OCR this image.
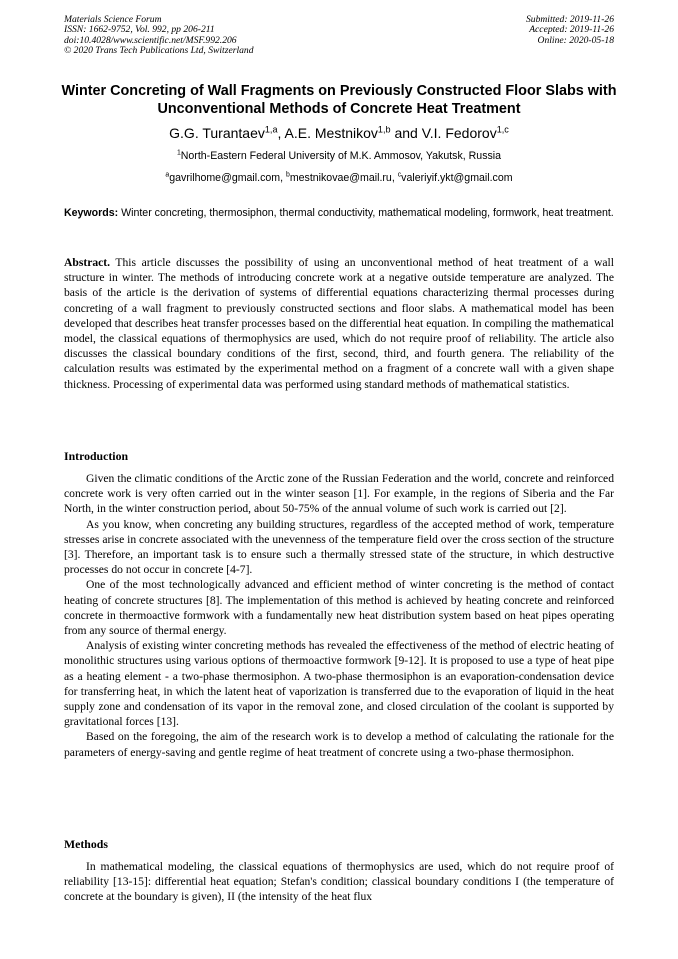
Materials Science Forum
ISSN: 1662-9752, Vol. 992, pp 206-211
doi:10.4028/www.scientific.net/MSF.992.206
© 2020 Trans Tech Publications Ltd, Switzerland
Submitted: 2019-11-26
Accepted: 2019-11-26
Online: 2020-05-18
Winter Concreting of Wall Fragments on Previously Constructed Floor Slabs with Unconventional Methods of Concrete Heat Treatment
G.G. Turantaev$^{1,a}$, A.E. Mestnikov$^{1,b}$ and V.I. Fedorov$^{1,c}$
$^1$North-Eastern Federal University of M.K. Ammosov, Yakutsk, Russia
$^a$gavrilhome@gmail.com, $^b$mestnikovae@mail.ru, $^c$valeriyif.ykt@gmail.com
Keywords: Winter concreting, thermosiphon, thermal conductivity, mathematical modeling, formwork, heat treatment.

Abstract. This article discusses the possibility of using an unconventional method of heat treatment of a wall structure in winter. The methods of introducing concrete work at a negative outside temperature are analyzed. The basis of the article is the derivation of systems of differential equations characterizing thermal processes during concreting of a wall fragment to previously constructed sections and floor slabs. A mathematical model has been developed that describes heat transfer processes based on the differential heat equation. In compiling the mathematical model, the classical equations of thermophysics are used, which do not require proof of reliability. The article also discusses the classical boundary conditions of the first, second, third, and fourth genera. The reliability of the calculation results was estimated by the experimental method on a fragment of a concrete wall with a given shape thickness. Processing of experimental data was performed using standard methods of mathematical statistics.

Introduction

Given the climatic conditions of the Arctic zone of the Russian Federation and the world, concrete and reinforced concrete work is very often carried out in the winter season [1]. For example, in the regions of Siberia and the Far North, in the winter construction period, about 50-75% of the annual volume of such work is carried out [2].

As you know, when concreting any building structures, regardless of the accepted method of work, temperature stresses arise in concrete associated with the unevenness of the temperature field over the cross section of the structure [3]. Therefore, an important task is to ensure such a thermally stressed state of the structure, in which destructive processes do not occur in concrete [4-7].

One of the most technologically advanced and efficient method of winter concreting is the method of contact heating of concrete structures [8]. The implementation of this method is achieved by heating concrete and reinforced concrete in thermoactive formwork with a fundamentally new heat distribution system based on heat pipes operating from any source of thermal energy.

Analysis of existing winter concreting methods has revealed the effectiveness of the method of electric heating of monolithic structures using various options of thermoactive formwork [9-12]. It is proposed to use a type of heat pipe as a heating element - a two-phase thermosiphon. A two-phase thermosiphon is an evaporation-condensation device for transferring heat, in which the latent heat of vaporization is transferred due to the evaporation of liquid in the heat supply zone and condensation of its vapor in the removal zone, and closed circulation of the coolant is supported by gravitational forces [13].

Based on the foregoing, the aim of the research work is to develop a method of calculating the rationale for the parameters of energy-saving and gentle regime of heat treatment of concrete using a two-phase thermosiphon.

Methods

In mathematical modeling, the classical equations of thermophysics are used, which do not require proof of reliability [13-15]: differential heat equation; Stefan's condition; classical boundary conditions I (the temperature of concrete at the boundary is given), II (the intensity of the heat flux
